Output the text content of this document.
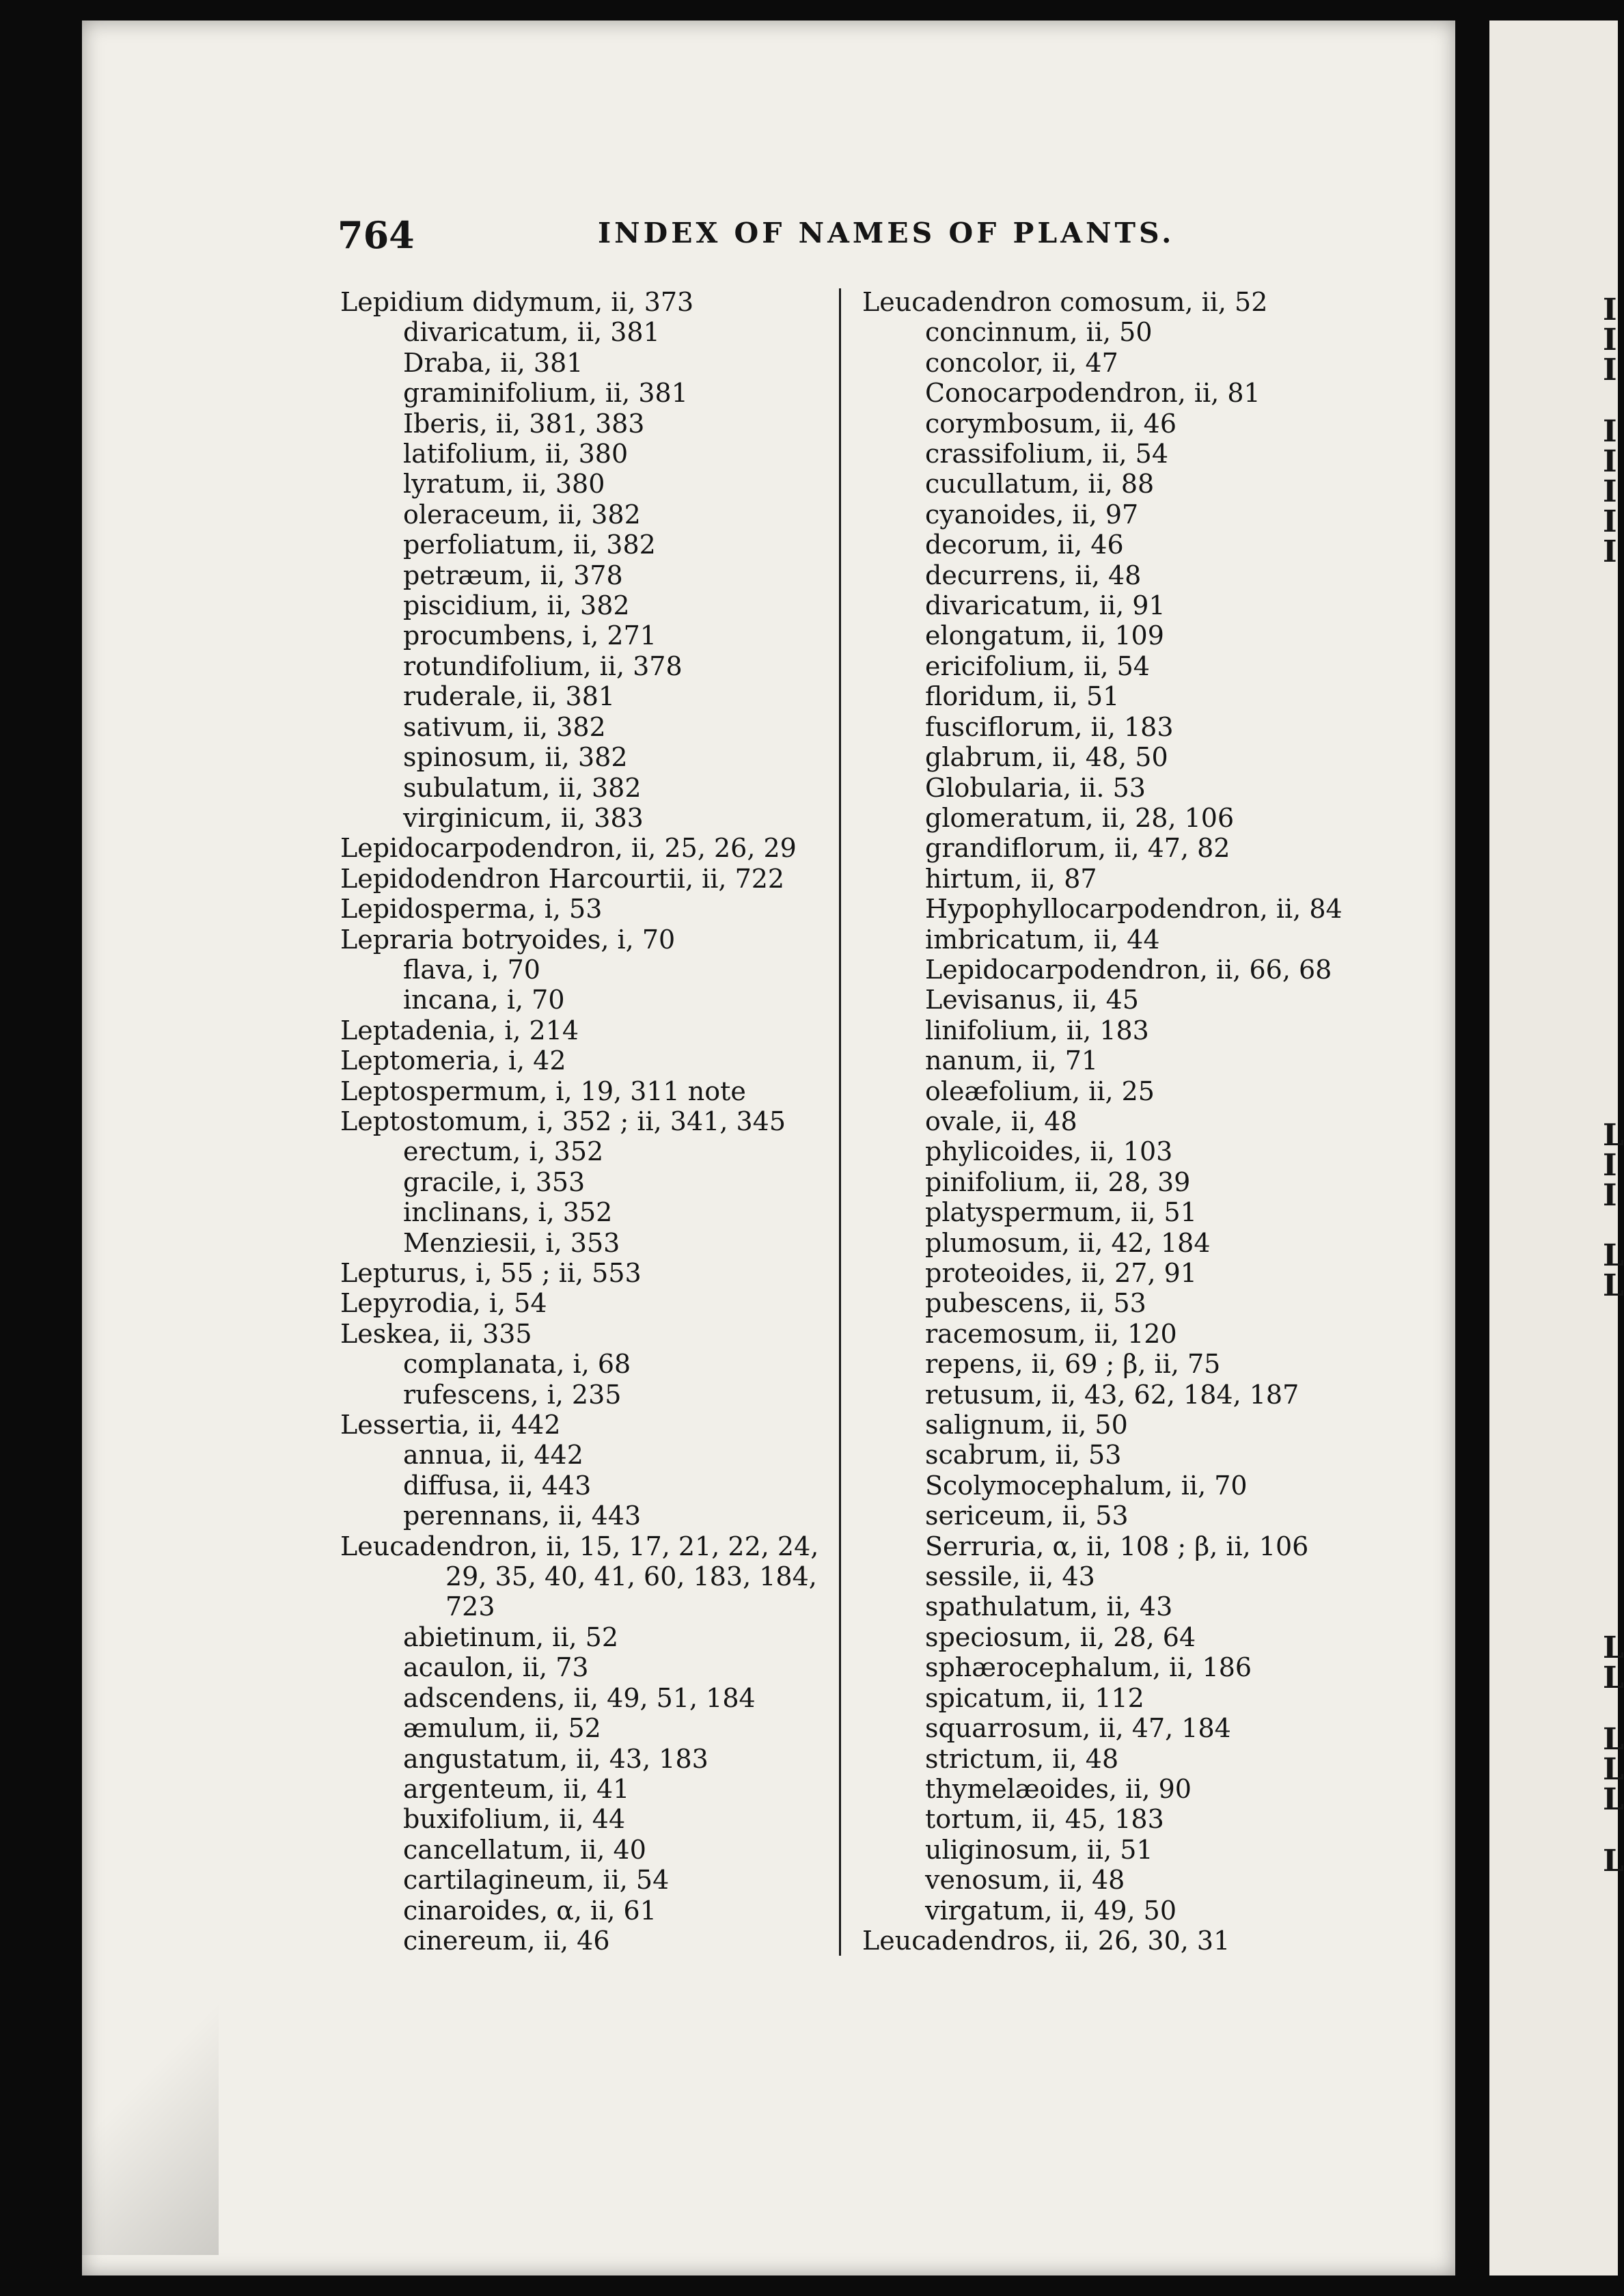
764	INDEX OF NAMES OF PLANTS.
Lepidium didymum, ii, 373
divaricatum, ii, 381
Draba, ii, 381
graminifolium, ii, 381
Iberis, ii, 381, 383
latifolium, ii, 380
lyratum, ii, 380
oleraceum, ii, 382
perfoliatum, ii, 382
petræum, ii, 378
piscidium, ii, 382
procumbens, i, 271
rotundifolium, ii, 378
ruderale, ii, 381
sativum, ii, 382
spinosum, ii, 382
subulatum, ii, 382
virginicum, ii, 383
Lepidocarpodendron, ii, 25, 26, 29
Lepidodendron Harcourtii, ii, 722
Lepidosperma, i, 53
Lepraria botryoides, i, 70
flava, i, 70
incana, i, 70
Leptadenia, i, 214
Leptomeria, i, 42
Leptospermum, i, 19, 311 note
Leptostomum, i, 352 ; ii, 341, 345
erectum, i, 352
gracile, i, 353
inclinans, i, 352
Menziesii, i, 353
Lepturus, i, 55 ; ii, 553
Lepyrodia, i, 54
Leskea, ii, 335
complanata, i, 68
rufescens, i, 235
Lessertia, ii, 442
annua, ii, 442
diffusa, ii, 443
perennans, ii, 443
Leucadendron, ii, 15, 17, 21, 22, 24,
29, 35, 40, 41, 60, 183, 184,
723
abietinum, ii, 52
acaulon, ii, 73
adscendens, ii, 49, 51, 184
æmulum, ii, 52
angustatum, ii, 43, 183
argenteum, ii, 41
buxifolium, ii, 44
cancellatum, ii, 40
cartilagineum, ii, 54
cinaroides, α, ii, 61
cinereum, ii, 46
Leucadendron comosum, ii, 52
concinnum, ii, 50
concolor, ii, 47
Conocarpodendron, ii, 81
corymbosum, ii, 46
crassifolium, ii, 54
cucullatum, ii, 88
cyanoides, ii, 97
decorum, ii, 46
decurrens, ii, 48
divaricatum, ii, 91
elongatum, ii, 109
ericifolium, ii, 54
floridum, ii, 51
fusciflorum, ii, 183
glabrum, ii, 48, 50
Globularia, ii. 53
glomeratum, ii, 28, 106
grandiflorum, ii, 47, 82
hirtum, ii, 87
Hypophyllocarpodendron, ii, 84
imbricatum, ii, 44
Lepidocarpodendron, ii, 66, 68
Levisanus, ii, 45
linifolium, ii, 183
nanum, ii, 71
oleæfolium, ii, 25
ovale, ii, 48
phylicoides, ii, 103
pinifolium, ii, 28, 39
platyspermum, ii, 51
plumosum, ii, 42, 184
proteoides, ii, 27, 91
pubescens, ii, 53
racemosum, ii, 120
repens, ii, 69 ; β, ii, 75
retusum, ii, 43, 62, 184, 187
salignum, ii, 50
scabrum, ii, 53
Scolymocephalum, ii, 70
sericeum, ii, 53
Serruria, α, ii, 108 ; β, ii, 106
sessile, ii, 43
spathulatum, ii, 43
speciosum, ii, 28, 64
sphærocephalum, ii, 186
spicatum, ii, 112
squarrosum, ii, 47, 184
strictum, ii, 48
thymelæoides, ii, 90
tortum, ii, 45, 183
uliginosum, ii, 51
venosum, ii, 48
virgatum, ii, 49, 50
Leucadendros, ii, 26, 30, 31
I
I
I
I
I
I
I
I
L
I
I
L
L
L
L
L
L
L
L
